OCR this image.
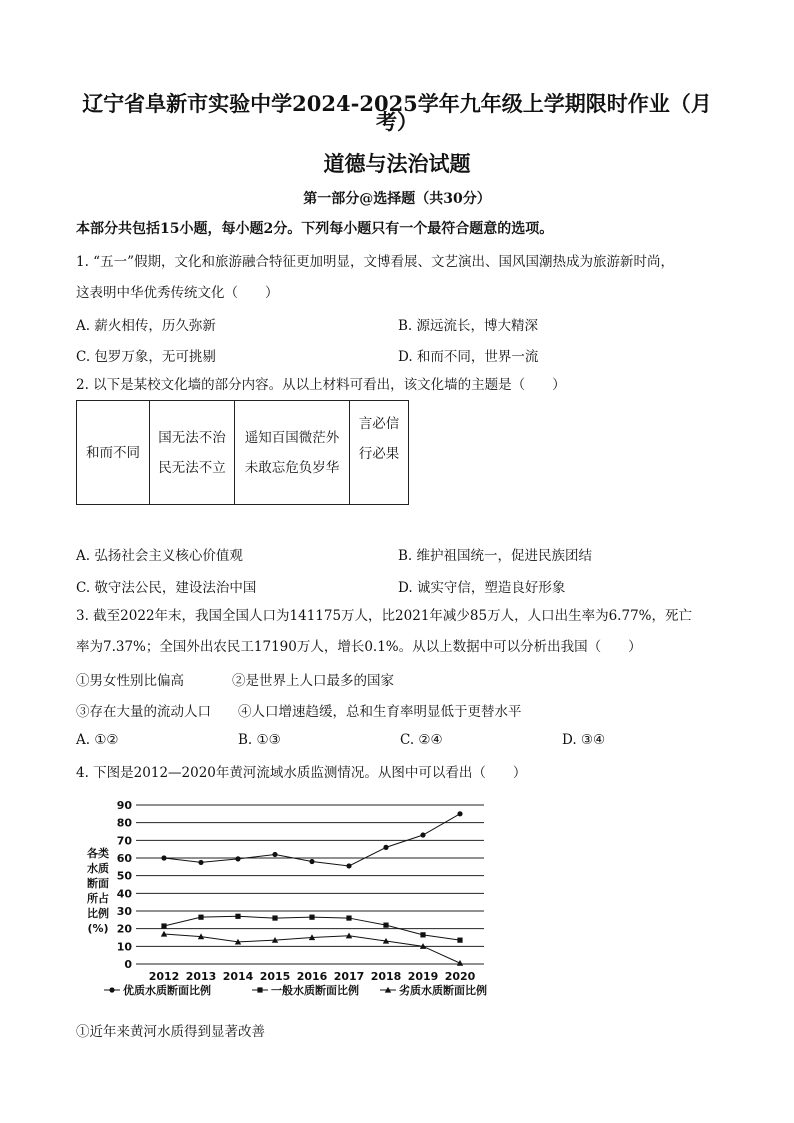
辽宁省阜新市实验中学2024-2025学年九年级上学期限时作业（月
考）
道德与法治试题
第一部分@选择题（共30分）
本部分共包括15小题，每小题2分。下列每小题只有一个最符合题意的选项。
1. “五一”假期，文化和旅游融合特征更加明显，文博看展、文艺演出、国风国潮热成为旅游新时尚，
这表明中华优秀传统文化（　　）
A. 薪火相传，历久弥新	B. 源远流长，博大精深
C. 包罗万象，无可挑剔	D. 和而不同，世界一流
2. 以下是某校文化墙的部分内容。从以上材料可看出，该文化墙的主题是（　　）
和而不同

国无法不治
民无法不立

遥知百国微茫外
未敢忘危负岁华

言必信
行必果
A. 弘扬社会主义核心价值观	B. 维护祖国统一，促进民族团结
C. 敬守法公民，建设法治中国	D. 诚实守信，塑造良好形象
3. 截至2022年末，我国全国人口为141175万人，比2021年减少85万人，人口出生率为6.77%，死亡
率为7.37%；全国外出农民工17190万人，增长0.1%。从以上数据中可以分析出我国（　　）
①男女性别比偏高	②是世界上人口最多的国家
③存在大量的流动人口 ④人口增速趋缓，总和生育率明显低于更替水平
A. ①②	B. ①③	C. ②④	D. ③④
4. 下图是2012—2020年黄河流域水质监测情况。从图中可以看出（　　）
各类
水质
断面
所占
比例
(%)
0
10
20
30
40
50
60
70
80
90
2012 2013 2014 2015 2016 2017 2018 2019 2020
优质水质断面比例	一般水质断面比例	劣质水质断面比例
①近年来黄河水质得到显著改善
